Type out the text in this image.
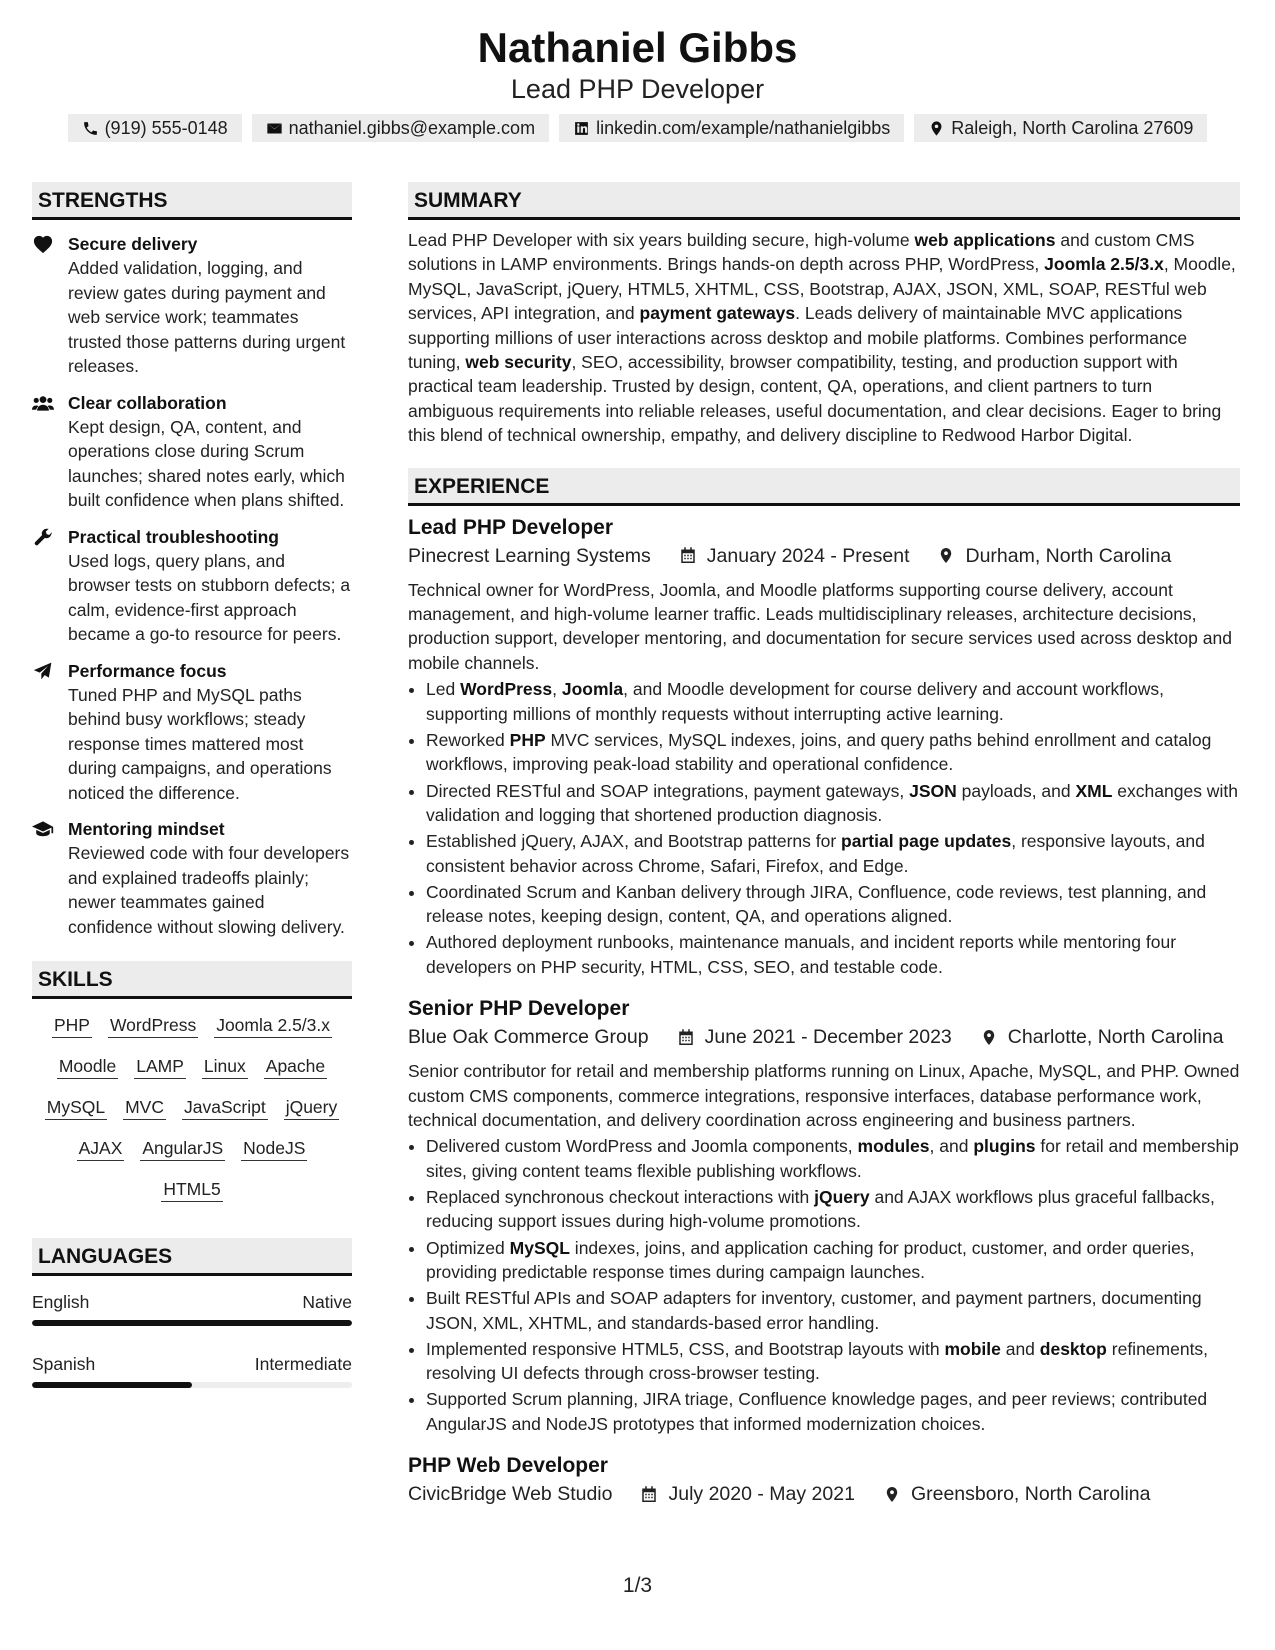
Nathaniel Gibbs
Lead PHP Developer
(919) 555-0148	nathaniel.gibbs@example.com	linkedin.com/example/nathanielgibbs	Raleigh, North Carolina 27609
STRENGTHS
Secure delivery
Added validation, logging, and review gates during payment and web service work; teammates trusted those patterns during urgent releases.
Clear collaboration
Kept design, QA, content, and operations close during Scrum launches; shared notes early, which built confidence when plans shifted.
Practical troubleshooting
Used logs, query plans, and browser tests on stubborn defects; a calm, evidence-first approach became a go-to resource for peers.
Performance focus
Tuned PHP and MySQL paths behind busy workflows; steady response times mattered most during campaigns, and operations noticed the difference.
Mentoring mindset
Reviewed code with four developers and explained tradeoffs plainly; newer teammates gained confidence without slowing delivery.
SKILLS
PHP WordPress Joomla 2.5/3.x
Moodle LAMP Linux Apache
MySQL MVC JavaScript jQuery
AJAX AngularJS NodeJS
HTML5
LANGUAGES
English	Native
Spanish	Intermediate
SUMMARY
Lead PHP Developer with six years building secure, high-volume web applications and custom CMS solutions in LAMP environments. Brings hands-on depth across PHP, WordPress, Joomla 2.5/3.x, Moodle, MySQL, JavaScript, jQuery, HTML5, XHTML, CSS, Bootstrap, AJAX, JSON, XML, SOAP, RESTful web services, API integration, and payment gateways. Leads delivery of maintainable MVC applications supporting millions of user interactions across desktop and mobile platforms. Combines performance tuning, web security, SEO, accessibility, browser compatibility, testing, and production support with practical team leadership. Trusted by design, content, QA, operations, and client partners to turn ambiguous requirements into reliable releases, useful documentation, and clear decisions. Eager to bring this blend of technical ownership, empathy, and delivery discipline to Redwood Harbor Digital.
EXPERIENCE
Lead PHP Developer
Pinecrest Learning Systems	January 2024 - Present	Durham, North Carolina
Technical owner for WordPress, Joomla, and Moodle platforms supporting course delivery, account management, and high-volume learner traffic. Leads multidisciplinary releases, architecture decisions, production support, developer mentoring, and documentation for secure services used across desktop and mobile channels.
• Led WordPress, Joomla, and Moodle development for course delivery and account workflows, supporting millions of monthly requests without interrupting active learning.
• Reworked PHP MVC services, MySQL indexes, joins, and query paths behind enrollment and catalog workflows, improving peak-load stability and operational confidence.
• Directed RESTful and SOAP integrations, payment gateways, JSON payloads, and XML exchanges with validation and logging that shortened production diagnosis.
• Established jQuery, AJAX, and Bootstrap patterns for partial page updates, responsive layouts, and consistent behavior across Chrome, Safari, Firefox, and Edge.
• Coordinated Scrum and Kanban delivery through JIRA, Confluence, code reviews, test planning, and release notes, keeping design, content, QA, and operations aligned.
• Authored deployment runbooks, maintenance manuals, and incident reports while mentoring four developers on PHP security, HTML, CSS, SEO, and testable code.
Senior PHP Developer
Blue Oak Commerce Group	June 2021 - December 2023	Charlotte, North Carolina
Senior contributor for retail and membership platforms running on Linux, Apache, MySQL, and PHP. Owned custom CMS components, commerce integrations, responsive interfaces, database performance work, technical documentation, and delivery coordination across engineering and business partners.
• Delivered custom WordPress and Joomla components, modules, and plugins for retail and membership sites, giving content teams flexible publishing workflows.
• Replaced synchronous checkout interactions with jQuery and AJAX workflows plus graceful fallbacks, reducing support issues during high-volume promotions.
• Optimized MySQL indexes, joins, and application caching for product, customer, and order queries, providing predictable response times during campaign launches.
• Built RESTful APIs and SOAP adapters for inventory, customer, and payment partners, documenting JSON, XML, XHTML, and standards-based error handling.
• Implemented responsive HTML5, CSS, and Bootstrap layouts with mobile and desktop refinements, resolving UI defects through cross-browser testing.
• Supported Scrum planning, JIRA triage, Confluence knowledge pages, and peer reviews; contributed AngularJS and NodeJS prototypes that informed modernization choices.
PHP Web Developer
CivicBridge Web Studio	July 2020 - May 2021	Greensboro, North Carolina
1/3
